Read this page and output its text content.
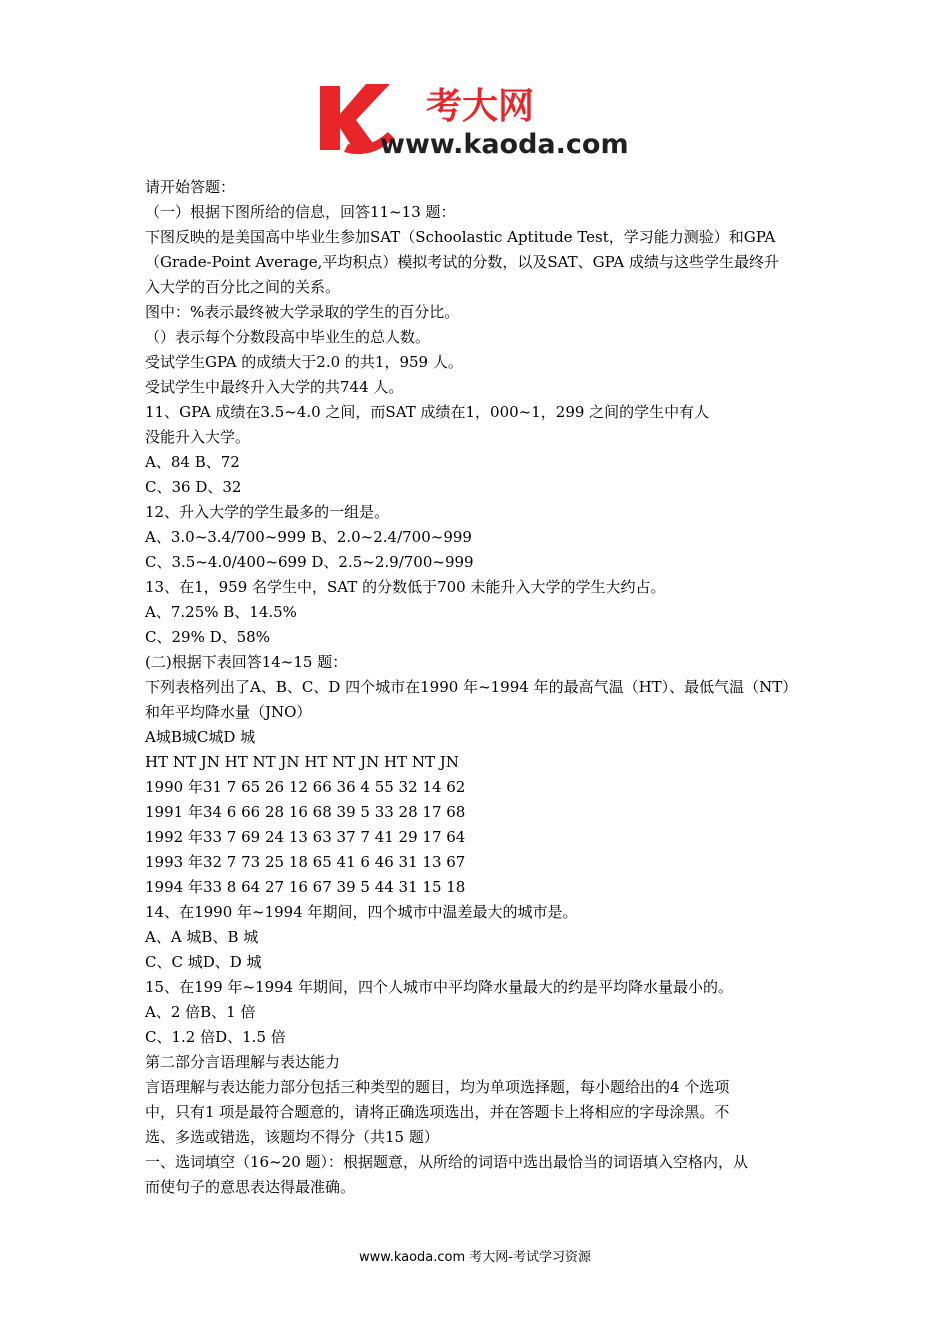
考大网
www.kaoda.com

请开始答题：

（一）根据下图所给的信息，回答11~13 题：

下图反映的是美国高中毕业生参加SAT（Schoolastic Aptitude Test，学习能力测验）和GPA

（Grade-Point Average,平均积点）模拟考试的分数，以及SAT、GPA 成绩与这些学生最终升

入大学的百分比之间的关系。

图中：%表示最终被大学录取的学生的百分比。

（）表示每个分数段高中毕业生的总人数。

受试学生GPA 的成绩大于2.0 的共1，959 人。

受试学生中最终升入大学的共744 人。

11、GPA 成绩在3.5~4.0 之间，而SAT 成绩在1，000~1，299 之间的学生中有人

没能升入大学。

A、84 B、72

C、36 D、32

12、升入大学的学生最多的一组是。

A、3.0~3.4/700~999 B、2.0~2.4/700~999

C、3.5~4.0/400~699 D、2.5~2.9/700~999

13、在1，959 名学生中，SAT 的分数低于700 未能升入大学的学生大约占。

A、7.25% B、14.5%

C、29% D、58%

(二)根据下表回答14~15 题：

下列表格列出了A、B、C、D 四个城市在1990 年~1994 年的最高气温（HT）、最低气温（NT）

和年平均降水量（JNO）

A城B城C城D 城

HT NT JN HT NT JN HT NT JN HT NT JN

1990 年31 7 65 26 12 66 36 4 55 32 14 62

1991 年34 6 66 28 16 68 39 5 33 28 17 68

1992 年33 7 69 24 13 63 37 7 41 29 17 64

1993 年32 7 73 25 18 65 41 6 46 31 13 67

1994 年33 8 64 27 16 67 39 5 44 31 15 18

14、在1990 年~1994 年期间，四个城市中温差最大的城市是。

A、A 城B、B 城

C、C 城D、D 城

15、在199 年~1994 年期间，四个人城市中平均降水量最大的约是平均降水量最小的。

A、2 倍B、1 倍

C、1.2 倍D、1.5 倍

第二部分言语理解与表达能力

言语理解与表达能力部分包括三种类型的题目，均为单项选择题，每小题给出的4 个选项

中，只有1 项是最符合题意的，请将正确选项选出，并在答题卡上将相应的字母涂黑。不

选、多选或错选，该题均不得分（共15 题）

一、选词填空（16~20 题）：根据题意，从所给的词语中选出最恰当的词语填入空格内，从

而使句子的意思表达得最准确。

www.kaoda.com 考大网-考试学习资源
